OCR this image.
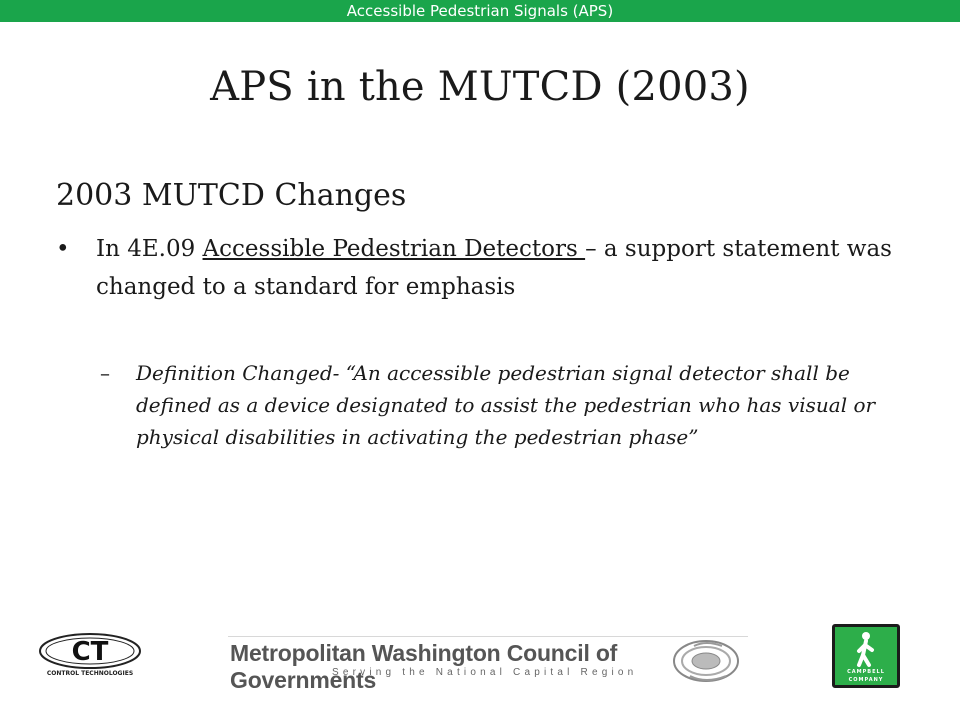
Accessible Pedestrian Signals (APS)
APS in the MUTCD (2003)
2003 MUTCD Changes
• In 4E.09 Accessible Pedestrian Detectors – a support statement was changed to a standard for emphasis
– Definition Changed- “An accessible pedestrian signal detector shall be defined as a device designated to assist the pedestrian who has visual or physical disabilities in activating the pedestrian phase”
CT
CONTROL TECHNOLOGIES
Metropolitan Washington Council of Governments
Serving the National Capital Region	CAMPBELL
COMPANY
